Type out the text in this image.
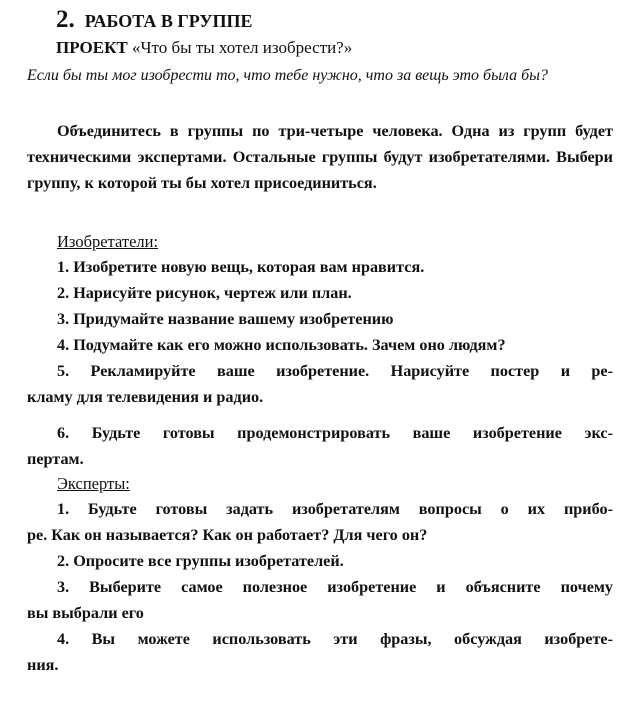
2. РАБОТА В ГРУППЕ
ПРОЕКТ «Что бы ты хотел изобрести?»
Если бы ты мог изобрести то, что тебе нужно, что за вещь это была бы?
Объединитесь в группы по три-четыре человека. Одна из групп будет техническими экспертами. Остальные группы будут изобретателями. Выбери группу, к которой ты бы хотел присоединиться.
Изобретатели:
1. Изобретите новую вещь, которая вам нравится.
2. Нарисуйте рисунок, чертеж или план.
3. Придумайте название вашему изобретению
4. Подумайте как его можно использовать. Зачем оно людям?
5. Рекламируйте ваше изобретение. Нарисуйте постер и ре-
кламу для телевидения и радио.
6. Будьте готовы продемонстрировать ваше изобретение экс-
пертам.
Эксперты:
1. Будьте готовы задать изобретателям вопросы о их прибо-
ре. Как он называется? Как он работает? Для чего он?
2. Опросите все группы изобретателей.
3. Выберите самое полезное изобретение и объясните почему
вы выбрали его
4. Вы можете использовать эти фразы, обсуждая изобрете-
ния.
